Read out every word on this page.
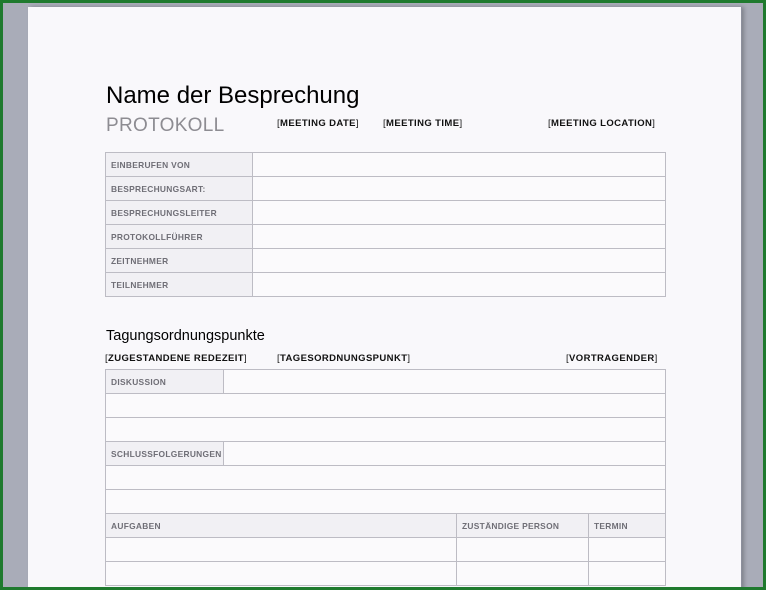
Name der Besprechung
PROTOKOLL	[MEETING DATE]	[MEETING TIME]	[MEETING LOCATION]
EINBERUFEN VON	
BESPRECHUNGSART:	
BESPRECHUNGSLEITER	
PROTOKOLLFÜHRER	
ZEITNEHMER	
TEILNEHMER	
Tagungsordnungspunkte
[ZUGESTANDENE REDEZEIT]	[TAGESORDNUNGSPUNKT]	[VORTRAGENDER]
DISKUSSION			

SCHLUSSFOLGERUNGEN			

AUFGABEN		ZUSTÄNDIGE PERSON	TERMIN
